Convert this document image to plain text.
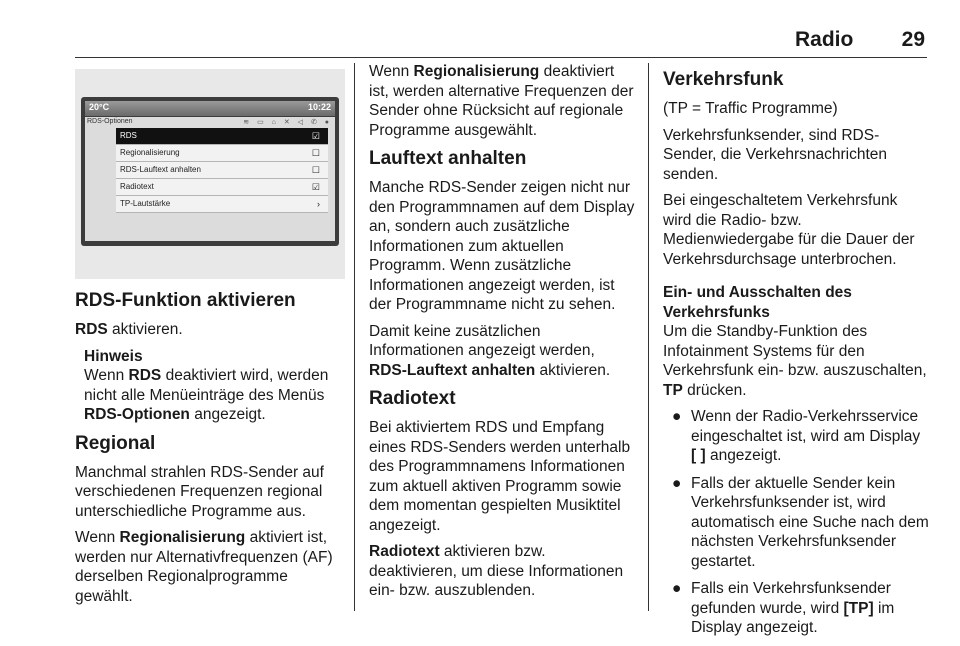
Radio	29
20°C	10:22
RDS-Optionen	≋ ▭ ⌂ ✕ ◁ ✆ ●
RDS	☑
Regionalisierung	☐
RDS-Lauftext anhalten	☐
Radiotext	☑
TP-Lautstärke	›
RDS-Funktion aktivieren

RDS aktivieren.

Hinweis
Wenn RDS deaktiviert wird, werden nicht alle Menüeinträge des Menüs RDS-Optionen angezeigt.
Regional

Manchmal strahlen RDS-Sender auf verschiedenen Frequenzen regional unterschiedliche Programme aus.

Wenn Regionalisierung aktiviert ist, werden nur Alternativfrequenzen (AF) derselben Regionalprogramme gewählt.

Wenn Regionalisierung deaktiviert ist, werden alternative Frequenzen der Sender ohne Rücksicht auf regionale Programme ausgewählt.

Lauftext anhalten

Manche RDS-Sender zeigen nicht nur den Programmnamen auf dem Display an, sondern auch zusätzliche Informationen zum aktuellen Programm. Wenn zusätzliche Informationen angezeigt werden, ist der Programmname nicht zu sehen.

Damit keine zusätzlichen Informationen angezeigt werden, RDS-Lauftext anhalten aktivieren.

Radiotext

Bei aktiviertem RDS und Empfang eines RDS-Senders werden unterhalb des Programmnamens Informationen zum aktuell aktiven Programm sowie dem momentan gespielten Musiktitel angezeigt.

Radiotext aktivieren bzw. deaktivieren, um diese Informationen ein- bzw. auszublenden.

Verkehrsfunk

(TP = Traffic Programme)

Verkehrsfunksender, sind RDS-Sender, die Verkehrsnachrichten senden.

Bei eingeschaltetem Verkehrsfunk wird die Radio- bzw. Medienwiedergabe für die Dauer der Verkehrsdurchsage unterbrochen.

Ein- und Ausschalten des Verkehrsfunks

Um die Standby-Funktion des Infotainment Systems für den Verkehrsfunk ein- bzw. auszuschalten, TP drücken.

● Wenn der Radio-Verkehrsservice eingeschaltet ist, wird am Display [ ] angezeigt.
● Falls der aktuelle Sender kein Verkehrsfunksender ist, wird automatisch eine Suche nach dem nächsten Verkehrsfunksender gestartet.
● Falls ein Verkehrsfunksender gefunden wurde, wird [TP] im Display angezeigt.
